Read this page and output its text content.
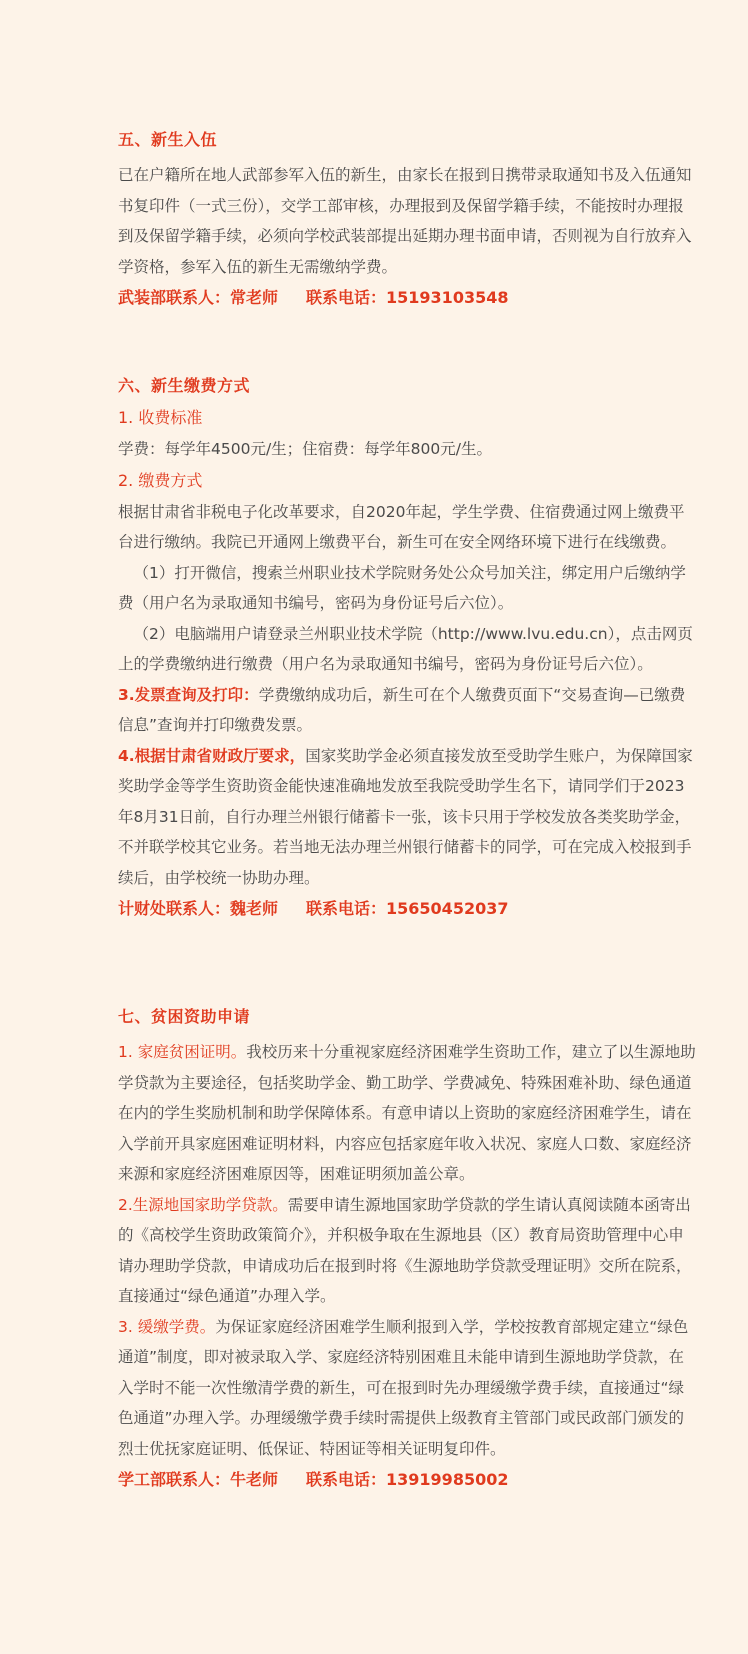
五、新生入伍

已在户籍所在地人武部参军入伍的新生，由家长在报到日携带录取通知书及入伍通知书复印件（一式三份），交学工部审核，办理报到及保留学籍手续，不能按时办理报到及保留学籍手续，必须向学校武装部提出延期办理书面申请，否则视为自行放弃入学资格，参军入伍的新生无需缴纳学费。

武装部联系人：常老师 联系电话：15193103548

六、新生缴费方式

1. 收费标准

学费：每学年4500元/生；住宿费：每学年800元/生。

2. 缴费方式

根据甘肃省非税电子化改革要求，自2020年起，学生学费、住宿费通过网上缴费平台进行缴纳。我院已开通网上缴费平台，新生可在安全网络环境下进行在线缴费。

（1）打开微信，搜索兰州职业技术学院财务处公众号加关注，绑定用户后缴纳学费（用户名为录取通知书编号，密码为身份证号后六位）。

（2）电脑端用户请登录兰州职业技术学院（http://www.lvu.edu.cn），点击网页上的学费缴纳进行缴费（用户名为录取通知书编号，密码为身份证号后六位）。

3.发票查询及打印：学费缴纳成功后，新生可在个人缴费页面下“交易查询—已缴费信息”查询并打印缴费发票。

4.根据甘肃省财政厅要求，国家奖助学金必须直接发放至受助学生账户，为保障国家奖助学金等学生资助资金能快速准确地发放至我院受助学生名下，请同学们于2023年8月31日前，自行办理兰州银行储蓄卡一张，该卡只用于学校发放各类奖助学金，不并联学校其它业务。若当地无法办理兰州银行储蓄卡的同学，可在完成入校报到手续后，由学校统一协助办理。

计财处联系人：魏老师 联系电话：15650452037

七、贫困资助申请

1. 家庭贫困证明。我校历来十分重视家庭经济困难学生资助工作，建立了以生源地助学贷款为主要途径，包括奖助学金、勤工助学、学费减免、特殊困难补助、绿色通道在内的学生奖励机制和助学保障体系。有意申请以上资助的家庭经济困难学生，请在入学前开具家庭困难证明材料，内容应包括家庭年收入状况、家庭人口数、家庭经济来源和家庭经济困难原因等，困难证明须加盖公章。

2.生源地国家助学贷款。需要申请生源地国家助学贷款的学生请认真阅读随本函寄出的《高校学生资助政策简介》，并积极争取在生源地县（区）教育局资助管理中心申请办理助学贷款，申请成功后在报到时将《生源地助学贷款受理证明》交所在院系，直接通过“绿色通道”办理入学。

3. 缓缴学费。为保证家庭经济困难学生顺利报到入学，学校按教育部规定建立“绿色通道”制度，即对被录取入学、家庭经济特别困难且未能申请到生源地助学贷款，在入学时不能一次性缴清学费的新生，可在报到时先办理缓缴学费手续，直接通过“绿色通道”办理入学。办理缓缴学费手续时需提供上级教育主管部门或民政部门颁发的烈士优抚家庭证明、低保证、特困证等相关证明复印件。

学工部联系人：牛老师 联系电话：13919985002
